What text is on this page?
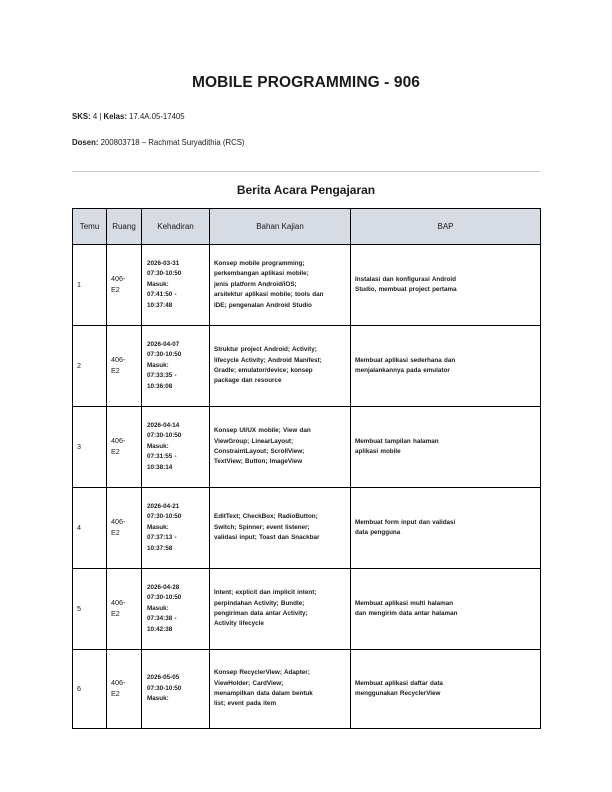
MOBILE PROGRAMMING - 906
SKS: 4 | Kelas: 17.4A.05-17405
Dosen: 200803718 – Rachmat Suryadithia (RCS)
Berita Acara Pengajaran
Temu	Ruang	Kehadiran	Bahan Kajian	BAP
1	406-
E2	2026-03-31
07:30-10:50
Masuk:
07:41:50 -
10:37:48	Konsep mobile programming;
perkembangan aplikasi mobile;
jenis platform Android/iOS;
arsitektur aplikasi mobile; tools dan
IDE; pengenalan Android Studio	Instalasi dan konfigurasi Android
Studio, membuat project pertama
2	406-
E2	2026-04-07
07:30-10:50
Masuk:
07:33:35 -
10:36:08	Struktur project Android; Activity;
lifecycle Activity; Android Manifest;
Gradle; emulator/device; konsep
package dan resource	Membuat aplikasi sederhana dan
menjalankannya pada emulator
3	406-
E2	2026-04-14
07:30-10:50
Masuk:
07:31:55 -
10:38:14	Konsep UI/UX mobile; View dan
ViewGroup; LinearLayout;
ConstraintLayout; ScrollView;
TextView; Button; ImageView	Membuat tampilan halaman
aplikasi mobile
4	406-
E2	2026-04-21
07:30-10:50
Masuk:
07:37:13 -
10:37:58	EditText; CheckBox; RadioButton;
Switch; Spinner; event listener;
validasi input; Toast dan Snackbar	Membuat form input dan validasi
data pengguna
5	406-
E2	2026-04-28
07:30-10:50
Masuk:
07:34:38 -
10:42:38	Intent; explicit dan implicit intent;
perpindahan Activity; Bundle;
pengiriman data antar Activity;
Activity lifecycle	Membuat aplikasi multi halaman
dan mengirim data antar halaman
6	406-
E2	2026-05-05
07:30-10:50
Masuk:	Konsep RecyclerView; Adapter;
ViewHolder; CardView;
menampilkan data dalam bentuk
list; event pada item	Membuat aplikasi daftar data
menggunakan RecyclerView
